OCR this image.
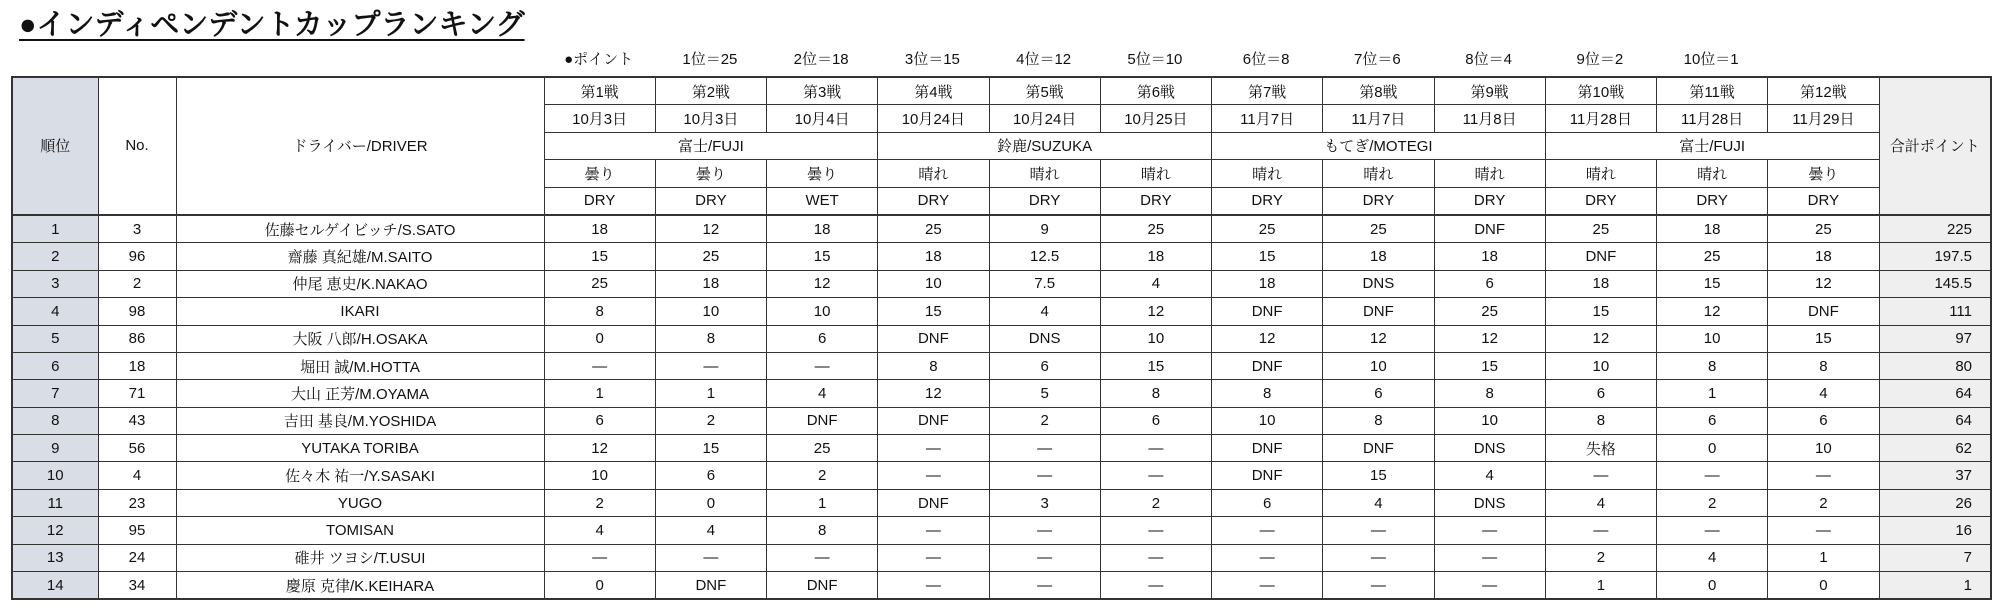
●インディペンデントカップランキング
●ポイント	1位＝25	2位＝18	3位＝15	4位＝12	5位＝10	6位＝8	7位＝6	8位＝4	9位＝2	10位＝1
順位	No.	ドライバー/DRIVER	第1戦	第2戦	第3戦	第4戦	第5戦	第6戦	第7戦	第8戦	第9戦	第10戦	第11戦	第12戦	合計ポイント
			10月3日	10月3日	10月4日	10月24日	10月24日	10月25日	11月7日	11月7日	11月8日	11月28日	11月28日	11月29日	
			富士/FUJI			鈴鹿/SUZUKA			もてぎ/MOTEGI			富士/FUJI			
			曇り	曇り	曇り	晴れ	晴れ	晴れ	晴れ	晴れ	晴れ	晴れ	晴れ	曇り	
			DRY	DRY	WET	DRY	DRY	DRY	DRY	DRY	DRY	DRY	DRY	DRY	
1	3	佐藤セルゲイビッチ/S.SATO	18	12	18	25	9	25	25	25	DNF	25	18	25	225
2	96	齋藤 真紀雄/M.SAITO	15	25	15	18	12.5	18	15	18	18	DNF	25	18	197.5
3	2	仲尾 恵史/K.NAKAO	25	18	12	10	7.5	4	18	DNS	6	18	15	12	145.5
4	98	IKARI	8	10	10	15	4	12	DNF	DNF	25	15	12	DNF	111
5	86	大阪 八郎/H.OSAKA	0	8	6	DNF	DNS	10	12	12	12	12	10	15	97
6	18	堀田 誠/M.HOTTA	—	—	—	8	6	15	DNF	10	15	10	8	8	80
7	71	大山 正芳/M.OYAMA	1	1	4	12	5	8	8	6	8	6	1	4	64
8	43	吉田 基良/M.YOSHIDA	6	2	DNF	DNF	2	6	10	8	10	8	6	6	64
9	56	YUTAKA TORIBA	12	15	25	—	—	—	DNF	DNF	DNS	失格	0	10	62
10	4	佐々木 祐一/Y.SASAKI	10	6	2	—	—	—	DNF	15	4	—	—	—	37
11	23	YUGO	2	0	1	DNF	3	2	6	4	DNS	4	2	2	26
12	95	TOMISAN	4	4	8	—	—	—	—	—	—	—	—	—	16
13	24	碓井 ツヨシ/T.USUI	—	—	—	—	—	—	—	—	—	2	4	1	7
14	34	慶原 克律/K.KEIHARA	0	DNF	DNF	—	—	—	—	—	—	1	0	0	1
